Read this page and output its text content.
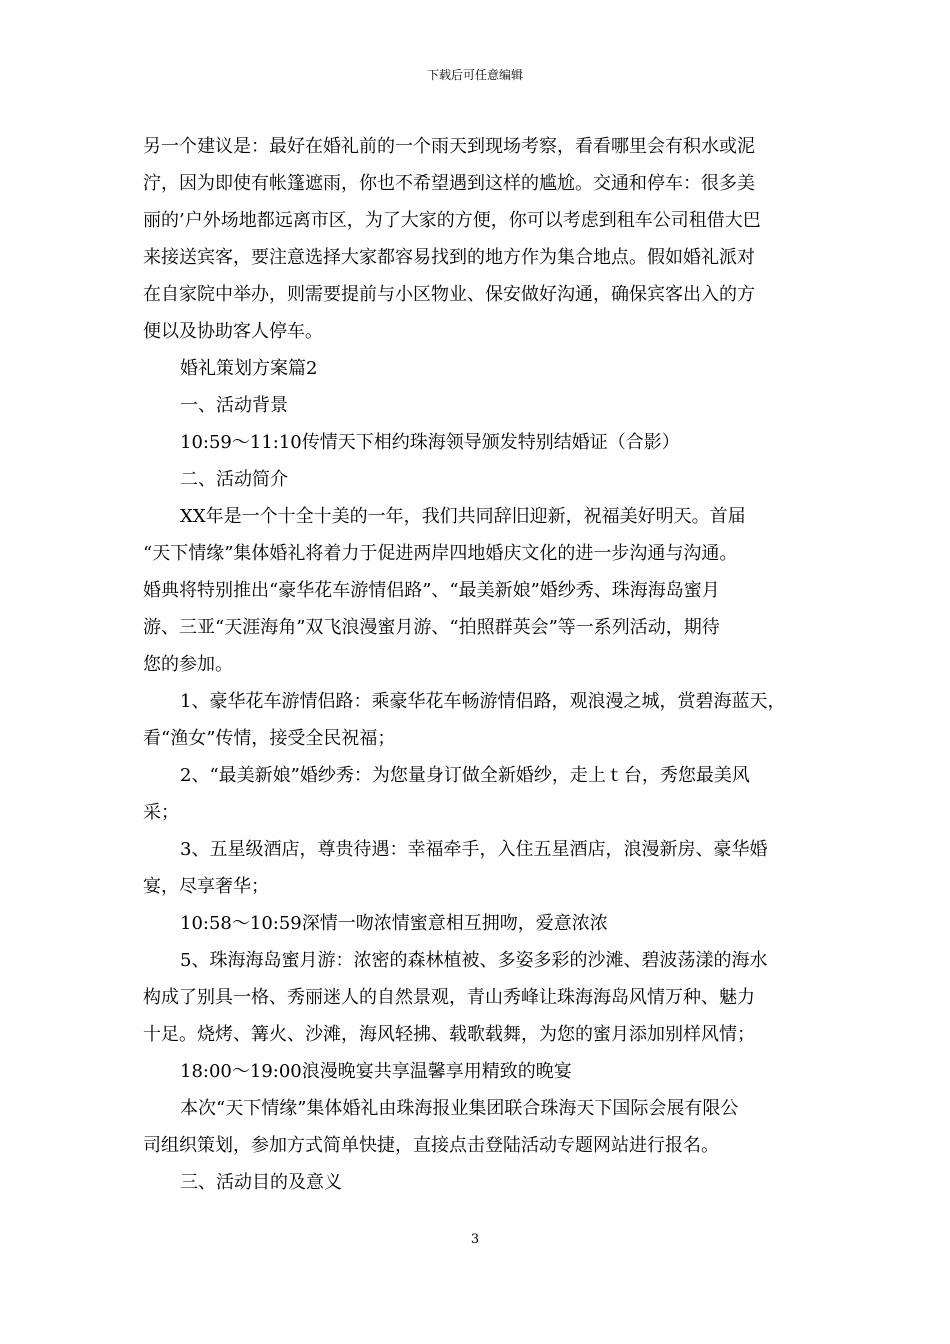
下载后可任意编辑
另一个建议是：最好在婚礼前的一个雨天到现场考察，看看哪里会有积水或泥
泞，因为即使有帐篷遮雨，你也不希望遇到这样的尴尬。交通和停车：很多美
丽的’户外场地都远离市区，为了大家的方便，你可以考虑到租车公司租借大巴
来接送宾客，要注意选择大家都容易找到的地方作为集合地点。假如婚礼派对
在自家院中举办，则需要提前与小区物业、保安做好沟通，确保宾客出入的方
便以及协助客人停车。
婚礼策划方案篇2
一、活动背景
10:59～11:10传情天下相约珠海领导颁发特别结婚证（合影）
二、活动简介
XX年是一个十全十美的一年，我们共同辞旧迎新，祝福美好明天。首届
“天下情缘”集体婚礼将着力于促进两岸四地婚庆文化的进一步沟通与沟通。
婚典将特别推出“豪华花车游情侣路”、“最美新娘”婚纱秀、珠海海岛蜜月
游、三亚“天涯海角”双飞浪漫蜜月游、“拍照群英会”等一系列活动，期待
您的参加。
1、豪华花车游情侣路：乘豪华花车畅游情侣路，观浪漫之城，赏碧海蓝天，
看“渔女”传情，接受全民祝福；
2、“最美新娘”婚纱秀：为您量身订做全新婚纱，走上ｔ台，秀您最美风
采；
3、五星级酒店，尊贵待遇：幸福牵手，入住五星酒店，浪漫新房、豪华婚
宴，尽享奢华；
10:58～10:59深情一吻浓情蜜意相互拥吻，爱意浓浓
5、珠海海岛蜜月游：浓密的森林植被、多姿多彩的沙滩、碧波荡漾的海水
构成了别具一格、秀丽迷人的自然景观，青山秀峰让珠海海岛风情万种、魅力
十足。烧烤、篝火、沙滩，海风轻拂、载歌载舞，为您的蜜月添加别样风情；
18:00～19:00浪漫晚宴共享温馨享用精致的晚宴
本次“天下情缘”集体婚礼由珠海报业集团联合珠海天下国际会展有限公
司组织策划，参加方式简单快捷，直接点击登陆活动专题网站进行报名。
三、活动目的及意义
3
